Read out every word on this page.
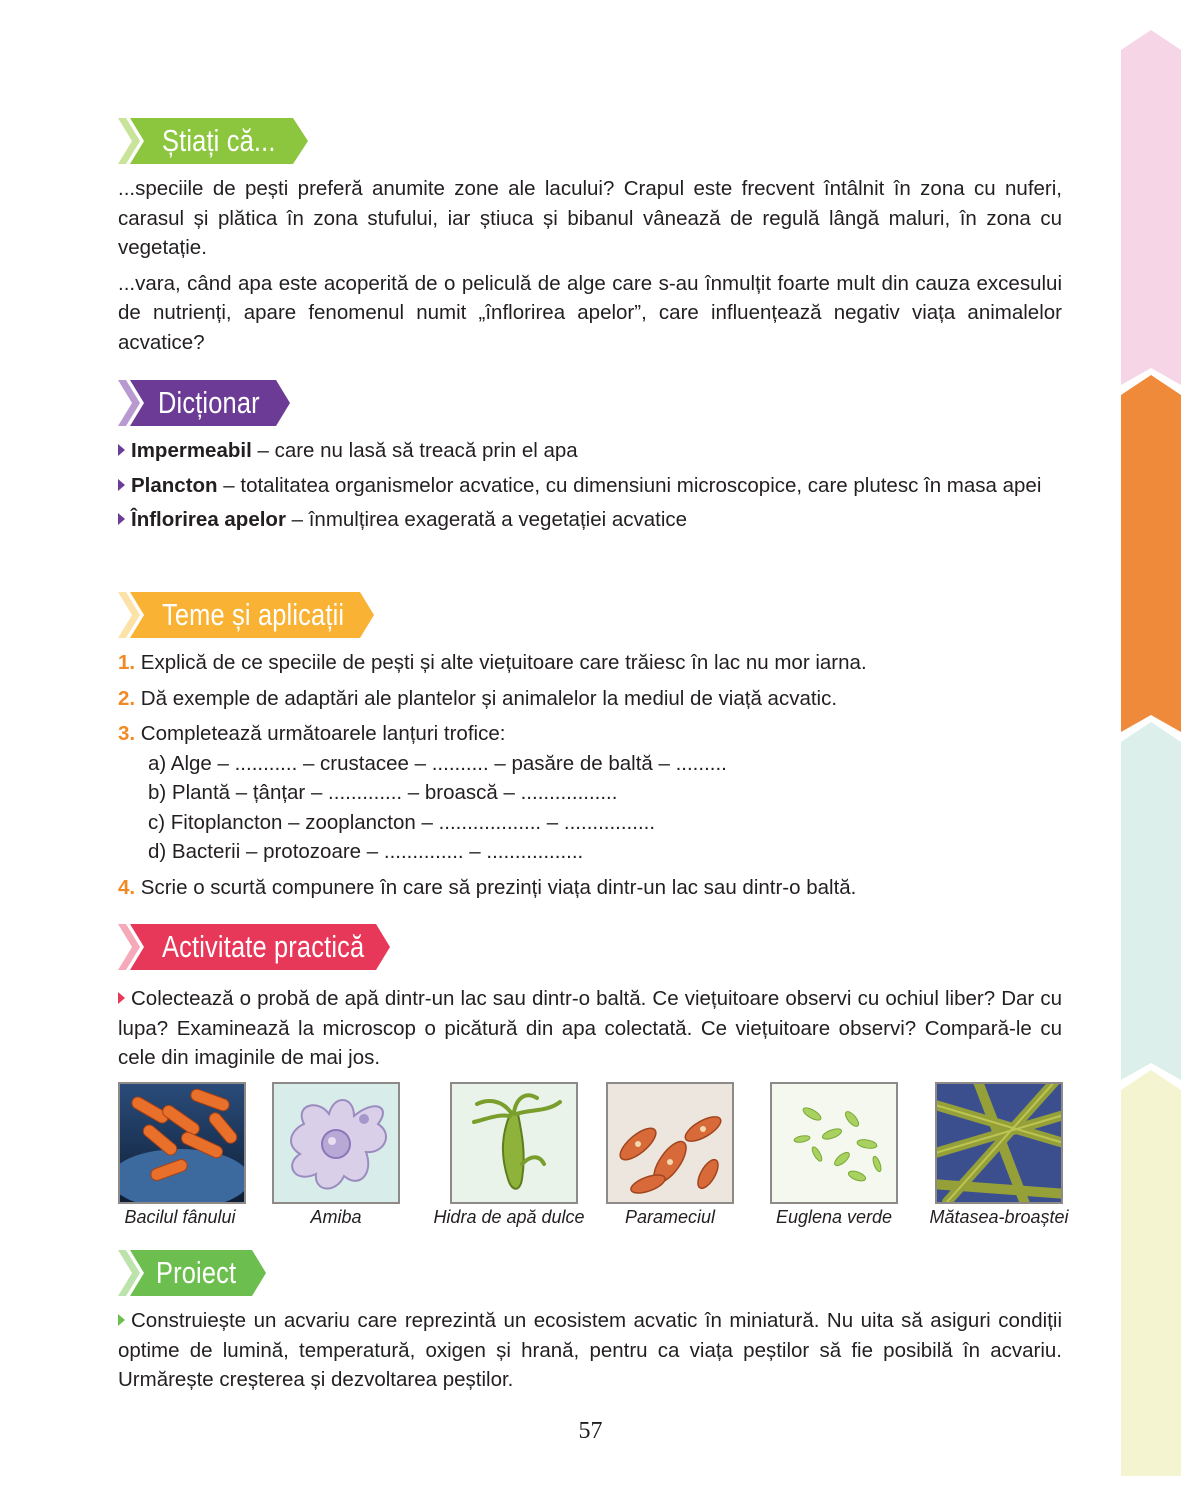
Știați că...

...speciile de pești preferă anumite zone ale lacului? Crapul este frecvent întâlnit în zona cu nuferi, carasul și plătica în zona stufului, iar știuca și bibanul vânează de regulă lângă maluri, în zona cu vegetație.

...vara, când apa este acoperită de o peliculă de alge care s-au înmulțit foarte mult din cauza excesului de nutrienți, apare fenomenul numit „înflorirea apelor”, care influențează negativ viața animalelor acvatice?

Dicționar

Impermeabil – care nu lasă să treacă prin el apa

Plancton – totalitatea organismelor acvatice, cu dimensiuni microscopice, care plutesc în masa apei

Înflorirea apelor – înmulțirea exagerată a vegetației acvatice

Teme și aplicații

1. Explică de ce speciile de pești și alte viețuitoare care trăiesc în lac nu mor iarna.

2. Dă exemple de adaptări ale plantelor și animalelor la mediul de viață acvatic.

3. Completează următoarele lanțuri trofice:

a) Alge – ........... – crustacee – .......... – pasăre de baltă – .........

b) Plantă – țânțar – ............. – broască – .................

c) Fitoplancton – zooplancton – .................. – ................

d) Bacterii – protozoare – .............. – .................

4. Scrie o scurtă compunere în care să prezinți viața dintr-un lac sau dintr-o baltă.

Activitate practică

Colectează o probă de apă dintr-un lac sau dintr-o baltă. Ce viețuitoare observi cu ochiul liber? Dar cu lupa? Examinează la microscop o picătură din apa colectată. Ce viețuitoare observi? Compară-le cu cele din imaginile de mai jos.

Bacilul fânului	Amiba	Hidra de apă dulce	Parameciul	Euglena verde	Mătasea-broaștei
Proiect

Construiește un acvariu care reprezintă un ecosistem acvatic în miniatură. Nu uita să asiguri condiții optime de lumină, temperatură, oxigen și hrană, pentru ca viața peștilor să fie posibilă în acvariu. Urmărește creșterea și dezvoltarea peștilor.

57
